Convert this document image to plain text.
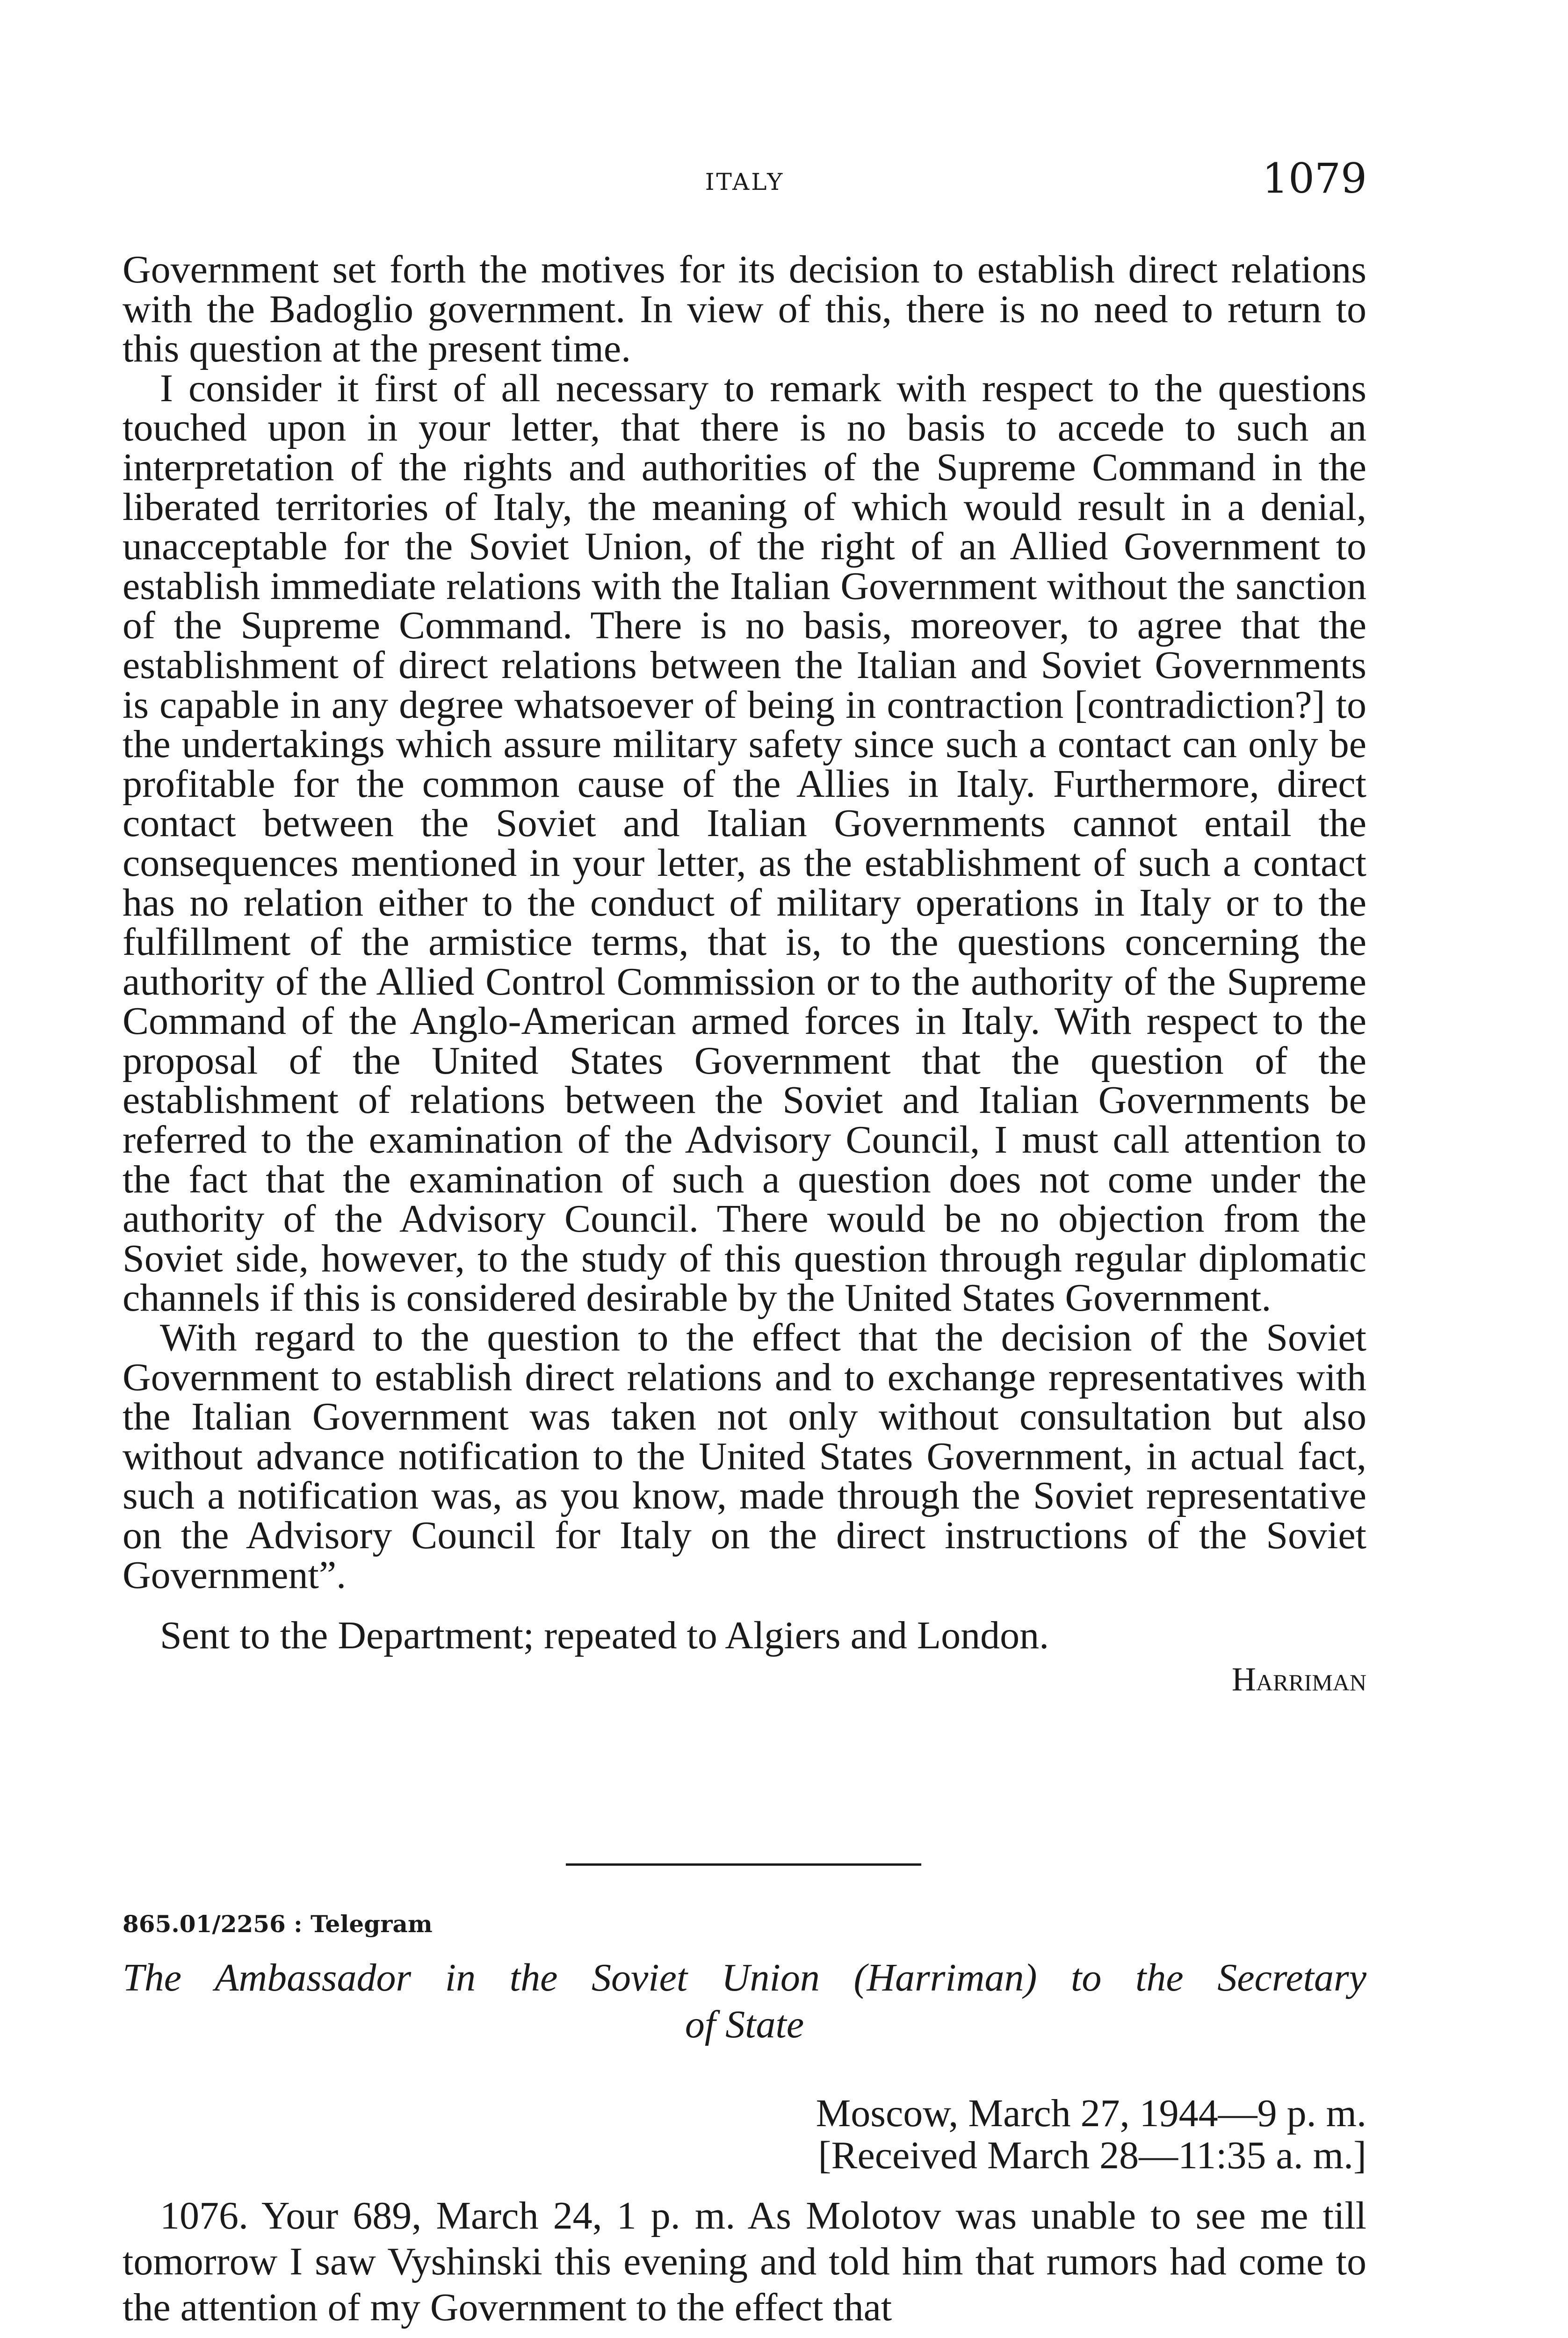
ITALY	1079

Government set forth the motives for its decision to establish direct relations with the Badoglio government. In view of this, there is no need to return to this question at the present time.

I consider it first of all necessary to remark with respect to the questions touched upon in your letter, that there is no basis to accede to such an interpretation of the rights and authorities of the Supreme Command in the liberated territories of Italy, the meaning of which would result in a denial, unacceptable for the Soviet Union, of the right of an Allied Government to establish immediate relations with the Italian Government without the sanction of the Supreme Command. There is no basis, moreover, to agree that the establishment of direct relations between the Italian and Soviet Governments is capable in any degree whatsoever of being in contraction [contradiction?] to the undertakings which assure military safety since such a contact can only be profitable for the common cause of the Allies in Italy. Furthermore, direct contact between the Soviet and Italian Governments cannot entail the consequences mentioned in your letter, as the establishment of such a contact has no relation either to the conduct of military operations in Italy or to the fulfillment of the armistice terms, that is, to the questions concerning the authority of the Allied Control Commission or to the authority of the Supreme Command of the Anglo-American armed forces in Italy. With respect to the proposal of the United States Government that the question of the establishment of relations between the Soviet and Italian Governments be referred to the examination of the Advisory Council, I must call attention to the fact that the examination of such a question does not come under the authority of the Advisory Council. There would be no objection from the Soviet side, however, to the study of this question through regular diplomatic channels if this is considered desirable by the United States Government.

With regard to the question to the effect that the decision of the Soviet Government to establish direct relations and to exchange representatives with the Italian Government was taken not only without consultation but also without advance notification to the United States Government, in actual fact, such a notification was, as you know, made through the Soviet representative on the Advisory Council for Italy on the direct instructions of the Soviet Government”.

Sent to the Department; repeated to Algiers and London.

Harriman

865.01/2256 : Telegram
The Ambassador in the Soviet Union (Harriman) to the Secretary
of State
Moscow, March 27, 1944—9 p. m.
[Received March 28—11:35 a. m.]

1076. Your 689, March 24, 1 p. m. As Molotov was unable to see me till tomorrow I saw Vyshinski this evening and told him that rumors had come to the attention of my Government to the effect that
